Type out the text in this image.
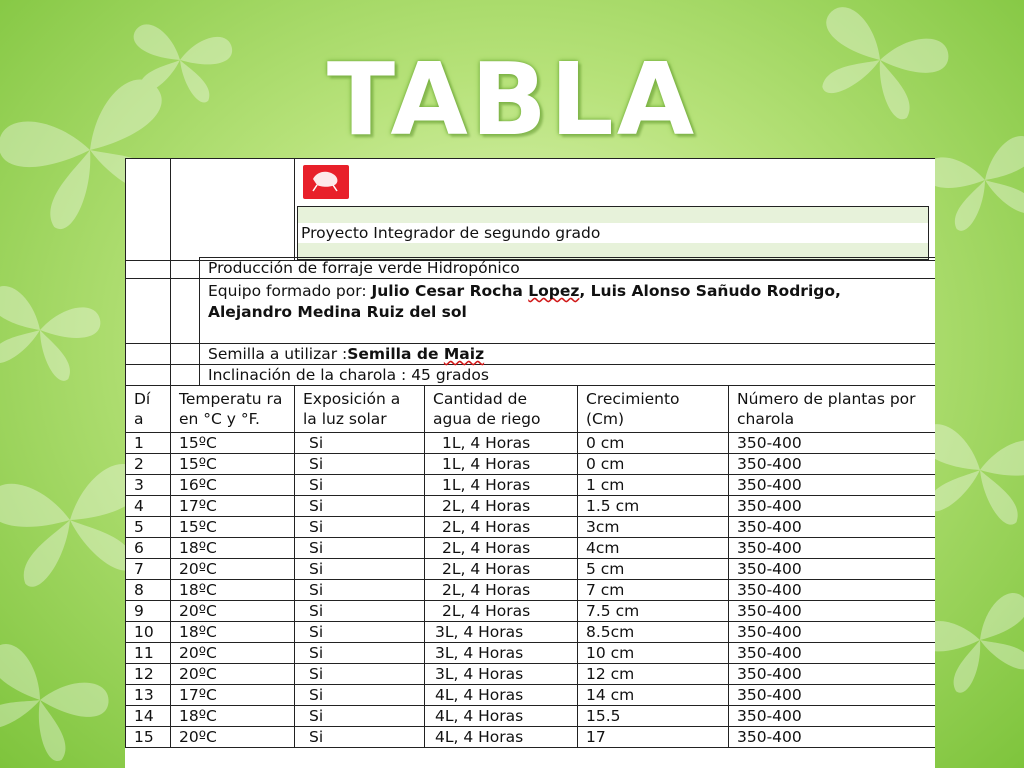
TABLA

Proyecto Integrador de segundo grado
		Producción de forraje verde Hidropónico				
		Equipo formado por: Julio Cesar Rocha Lopez, Luis Alonso Sañudo Rodrigo, Alejandro Medina Ruiz del sol				
		Semilla a utilizar :Semilla de Maiz				
		Inclinación de la charola : 45 grados				
Dí a	Temperatu ra en °C y °F.		Exposición a la luz solar	Cantidad de agua de riego	Crecimiento (Cm)	Número de plantas por charola
1	15ºC		Si	1L, 4 Horas	0 cm	350-400
2	15ºC		Si	1L, 4 Horas	0 cm	350-400
3	16ºC		Si	1L, 4 Horas	1 cm	350-400
4	17ºC		Si	2L, 4 Horas	1.5 cm	350-400
5	15ºC		Si	2L, 4 Horas	3cm	350-400
6	18ºC		Si	2L, 4 Horas	4cm	350-400
7	20ºC		Si	2L, 4 Horas	5 cm	350-400
8	18ºC		Si	2L, 4 Horas	7 cm	350-400
9	20ºC		Si	2L, 4 Horas	7.5 cm	350-400
10	18ºC		Si	3L, 4 Horas	8.5cm	350-400
11	20ºC		Si	3L, 4 Horas	10 cm	350-400
12	20ºC		Si	3L, 4 Horas	12 cm	350-400
13	17ºC		Si	4L, 4 Horas	14 cm	350-400
14	18ºC		Si	4L, 4 Horas	15.5	350-400
15	20ºC		Si	4L, 4 Horas	17	350-400
